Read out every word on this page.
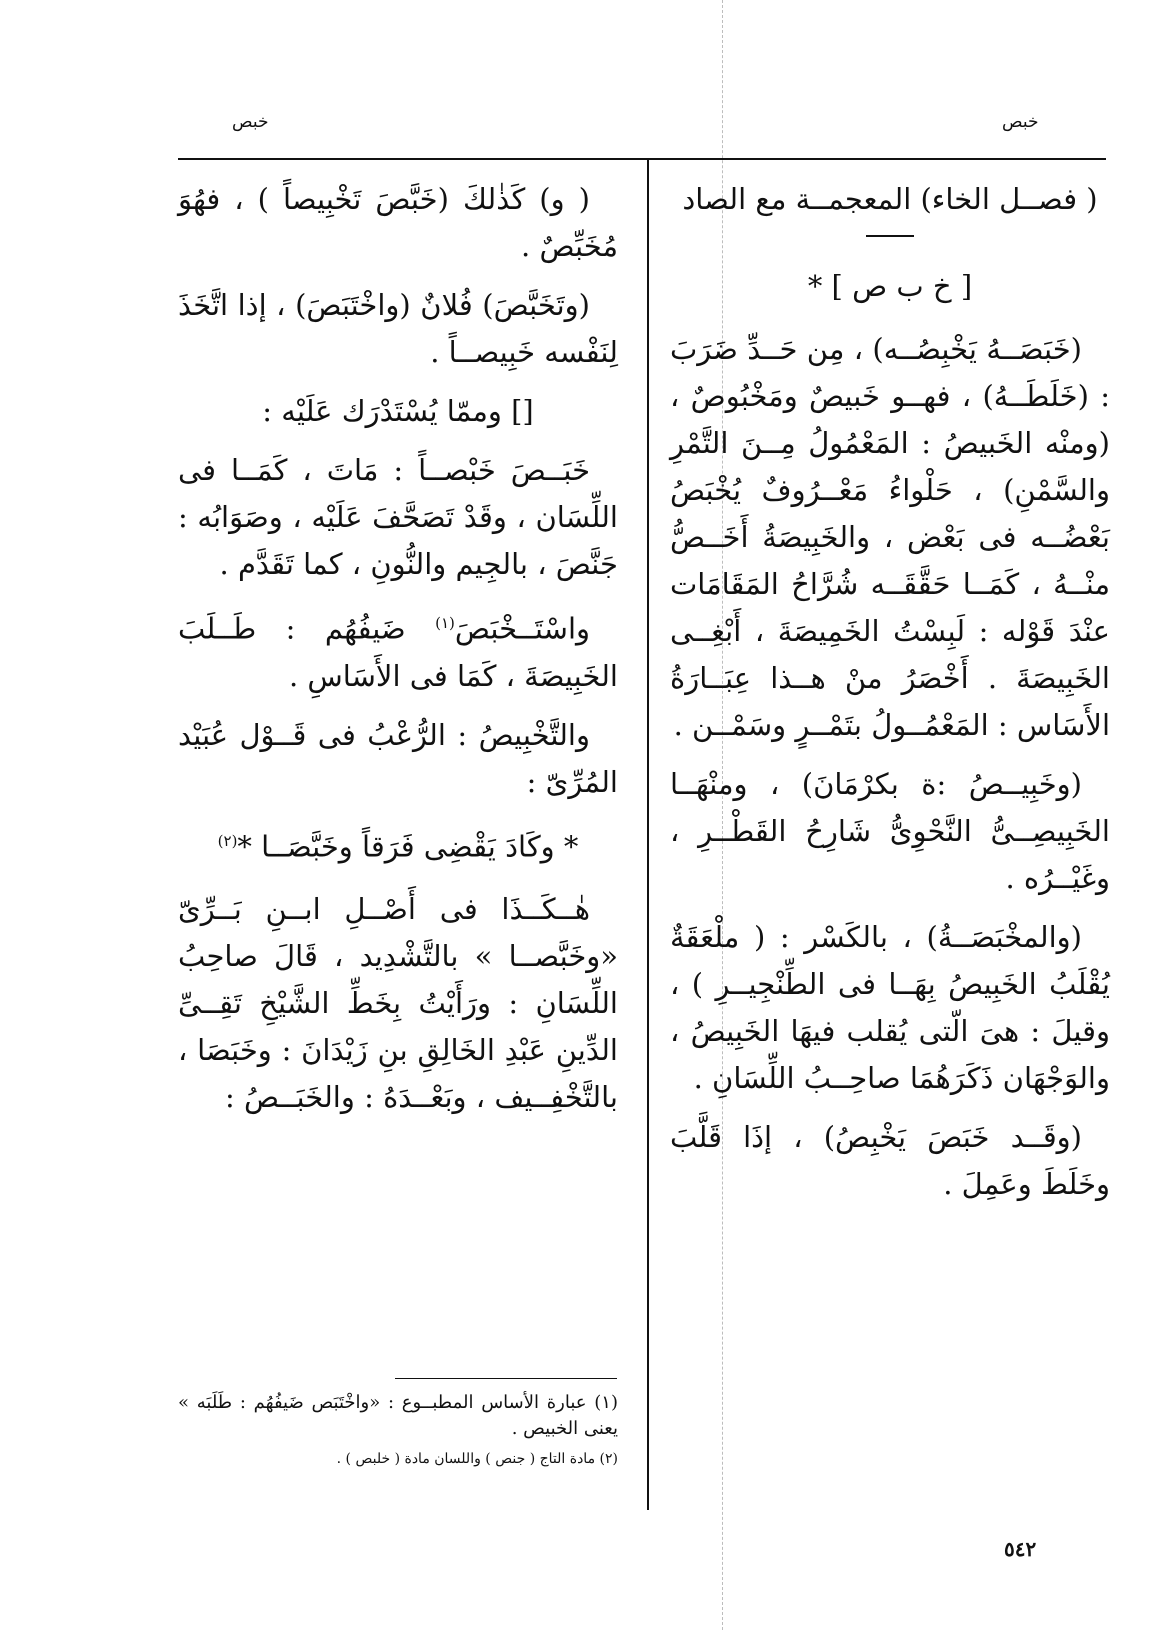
خبص
خبص

( فصــل الخاء) المعجمــة مع الصاد

[ خ ب ص ] *

(خَبَصَــهُ يَخْبِصُــه) ، مِن حَــدِّ ضَرَبَ : (خَلَطَــهُ) ، فهــو خَبيصٌ ومَخْبُوصٌ ، (ومنْه الخَبيصُ : المَعْمُولُ مِــنَ التَّمْرِ والسَّمْنِ) ، حَلْواءُ مَعْــرُوفٌ يُخْبَصُ بَعْضُــه فى بَعْض ، والخَبِيصَةُ أَخَــصُّ منْــهُ ، كَمَــا حَقَّقَــه شُرَّاحُ المَقَامَات عنْدَ قَوْله : لَبِسْتُ الخَمِيصَةَ ، أَبْغِــى الخَبِيصَةَ . أَخْصَرُ منْ هــذا عِبَــارَةُ الأَسَاس : المَعْمُــولُ بتَمْــرٍ وسَمْــن .

(وخَبِيــصُ :ة بكرْمَانَ) ، ومنْهَــا الخَبِيصِــىُّ النَّحْوِىُّ شَارِحُ القَطْــرِ ، وغَيْــرُه .

(والمخْبَصَــةُ) ، بالكَسْر : ( ملْعَقَةٌ يُقْلَبُ الخَبِيصُ بِهَــا فى الطِّنْجِيــرِ ) ، وقيلَ : هىَ الّتى يُقلب فيهَا الخَبِيصُ ، والوَجْهَان ذَكَرَهُمَا صاحِــبُ اللِّسَانِ .

(وقَــد خَبَصَ يَخْبِصُ) ، إذَا قَلَّبَ وخَلَطَ وعَمِلَ .

( و) كَذٰلكَ (خَبَّصَ تَخْبِيصاً ) ، فهُوَ مُخَبِّصٌ .

(وتَخَبَّصَ) فُلانٌ (واخْتَبَصَ) ، إذا اتَّخَذَ لِنَفْسه خَبِيصــاً .

[] وممّا يُسْتَدْرَك عَلَيْه :

خَبَــصَ خَبْصــاً : مَاتَ ، كَمَــا فى اللِّسَان ، وقَدْ تَصَحَّفَ عَلَيْه ، وصَوَابُه : جَنَّصَ ، بالجِيم والنُّونِ ، كما تَقَدَّم .

واسْتَــخْبَصَ$^{(١)}$ ضَيفُهُم : طَــلَبَ الخَبِيصَةَ ، كَمَا فى الأَسَاسِ .

والتَّخْبِيصُ : الرُّعْبُ فى قَــوْل عُبَيْد المُرِّىّ :

* وكَادَ يَقْضِى فَرَقاً وخَبَّصَــا *$^{(٢)}$

هٰــكَــذَا فى أَصْــلِ ابــنِ بَــرِّىّ «وخَبَّصــا » بالتَّشْدِيد ، قَالَ صاحِبُ اللِّسَانِ : ورَأَيْتُ بِخَطِّ الشَّيْخِ تَقِــىِّ الدِّينِ عَبْدِ الخَالِقِ بنِ زَيْدَانَ : وخَبَصَا ، بالتَّخْفِــيف ، وبَعْــدَهُ : والخَبَــصُ :

(١) عبارة الأساس المطبــوع : «واخْتَبَص ضَيفُهُم : طَلَبَه » يعنى الخبيص .

(٢) مادة التاج ( جنص ) واللسان مادة ( خلبص ) .

٥٤٢
